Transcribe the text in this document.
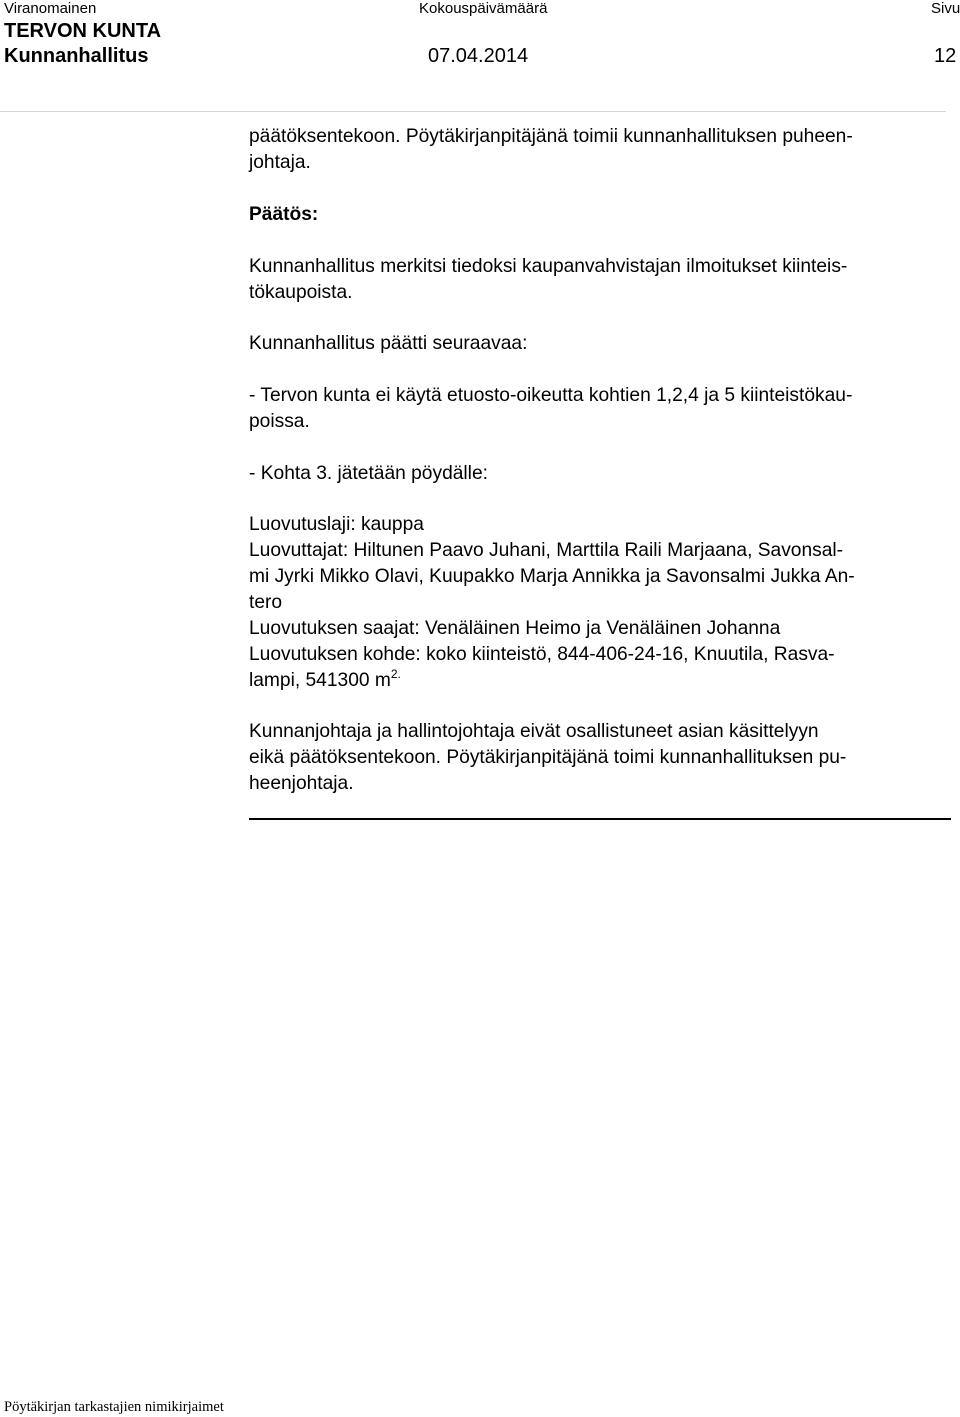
Viranomainen	Kokouspäivämäärä	Sivu
TERVON KUNTA
Kunnanhallitus	07.04.2014	12

päätöksentekoon. Pöytäkirjanpitäjänä toimii kunnanhallituksen puheen-

johtaja.

Päätös:

Kunnanhallitus merkitsi tiedoksi kaupanvahvistajan ilmoitukset kiinteis-

tökaupoista.

Kunnanhallitus päätti seuraavaa:

- Tervon kunta ei käytä etuosto-oikeutta kohtien 1,2,4 ja 5 kiinteistökau-

poissa.

- Kohta 3. jätetään pöydälle:

Luovutuslaji: kauppa

Luovuttajat: Hiltunen Paavo Juhani, Marttila Raili Marjaana, Savonsal-

mi Jyrki Mikko Olavi, Kuupakko Marja Annikka ja Savonsalmi Jukka An-

tero

Luovutuksen saajat: Venäläinen Heimo ja Venäläinen Johanna

Luovutuksen kohde: koko kiinteistö, 844-406-24-16, Knuutila, Rasva-

lampi, 541300 $m^{2.}$

Kunnanjohtaja ja hallintojohtaja eivät osallistuneet asian käsittelyyn

eikä päätöksentekoon. Pöytäkirjanpitäjänä toimi kunnanhallituksen pu-

heenjohtaja.

Pöytäkirjan tarkastajien nimikirjaimet
